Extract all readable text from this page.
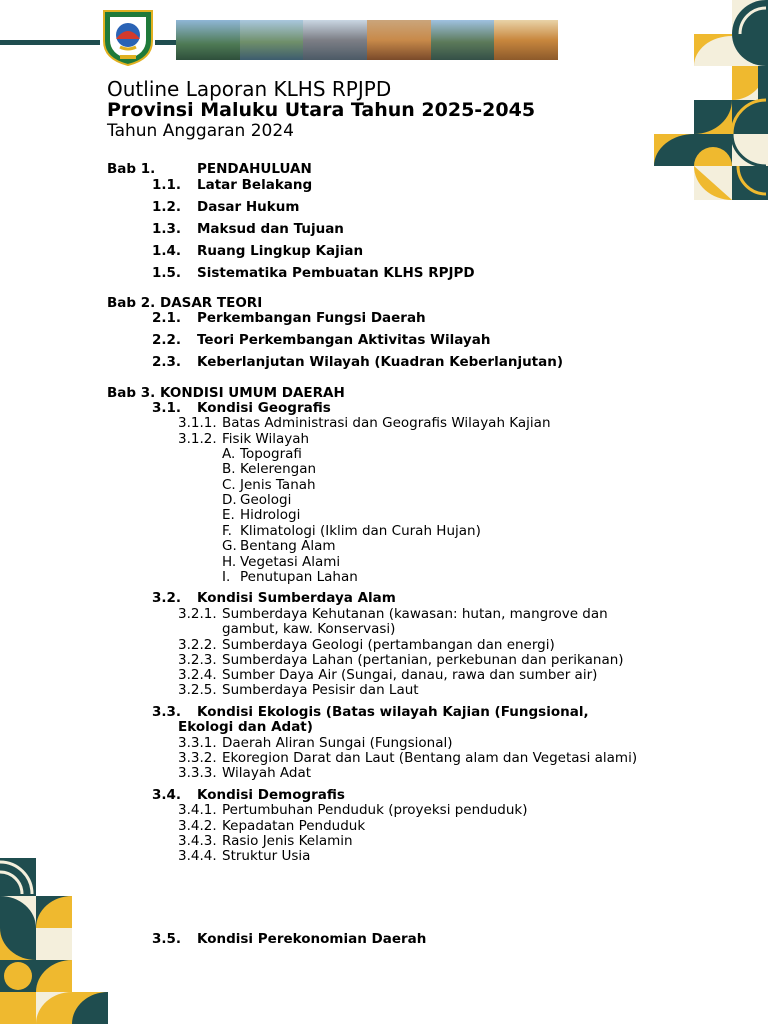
Outline Laporan KLHS RPJPD
Provinsi Maluku Utara Tahun 2025-2045
Tahun Anggaran 2024
Bab 1.	PENDAHULUAN
1.1. Latar Belakang
1.2. Dasar Hukum
1.3. Maksud dan Tujuan
1.4. Ruang Lingkup Kajian
1.5. Sistematika Pembuatan KLHS RPJPD
Bab 2. DASAR TEORI
2.1. Perkembangan Fungsi Daerah
2.2. Teori Perkembangan Aktivitas Wilayah
2.3. Keberlanjutan Wilayah (Kuadran Keberlanjutan)
Bab 3. KONDISI UMUM DAERAH
3.1. Kondisi Geografis
3.1.1. Batas Administrasi dan Geografis Wilayah Kajian
3.1.2. Fisik Wilayah
A. Topografi
B. Kelerengan
C. Jenis Tanah
D. Geologi
E. Hidrologi
F. Klimatologi (Iklim dan Curah Hujan)
G. Bentang Alam
H. Vegetasi Alami
I. Penutupan Lahan
3.2. Kondisi Sumberdaya Alam
3.2.1. Sumberdaya Kehutanan (kawasan: hutan, mangrove dan
gambut, kaw. Konservasi)
3.2.2. Sumberdaya Geologi (pertambangan dan energi)
3.2.3. Sumberdaya Lahan (pertanian, perkebunan dan perikanan)
3.2.4. Sumber Daya Air (Sungai, danau, rawa dan sumber air)
3.2.5. Sumberdaya Pesisir dan Laut
3.3. Kondisi Ekologis (Batas wilayah Kajian (Fungsional,
Ekologi dan Adat)
3.3.1. Daerah Aliran Sungai (Fungsional)
3.3.2. Ekoregion Darat dan Laut (Bentang alam dan Vegetasi alami)
3.3.3. Wilayah Adat
3.4. Kondisi Demografis
3.4.1. Pertumbuhan Penduduk (proyeksi penduduk)
3.4.2. Kepadatan Penduduk
3.4.3. Rasio Jenis Kelamin
3.4.4. Struktur Usia
3.5. Kondisi Perekonomian Daerah
